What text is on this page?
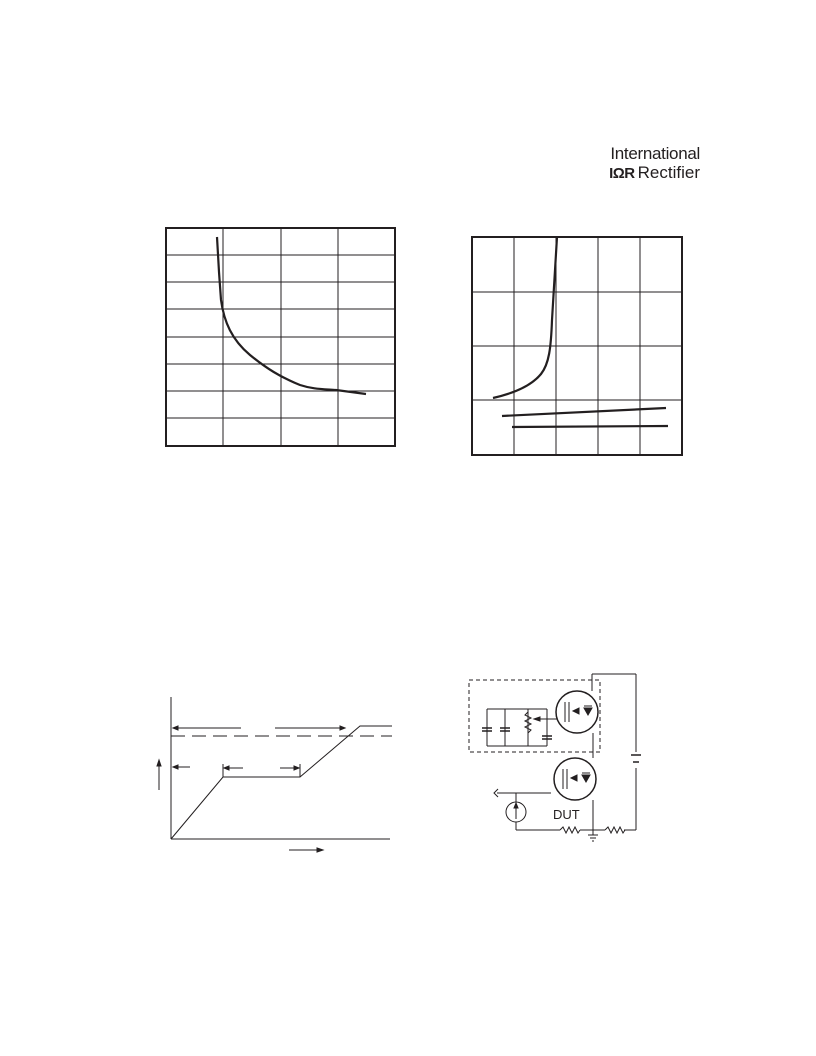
International
IΩR Rectifier
DUT
